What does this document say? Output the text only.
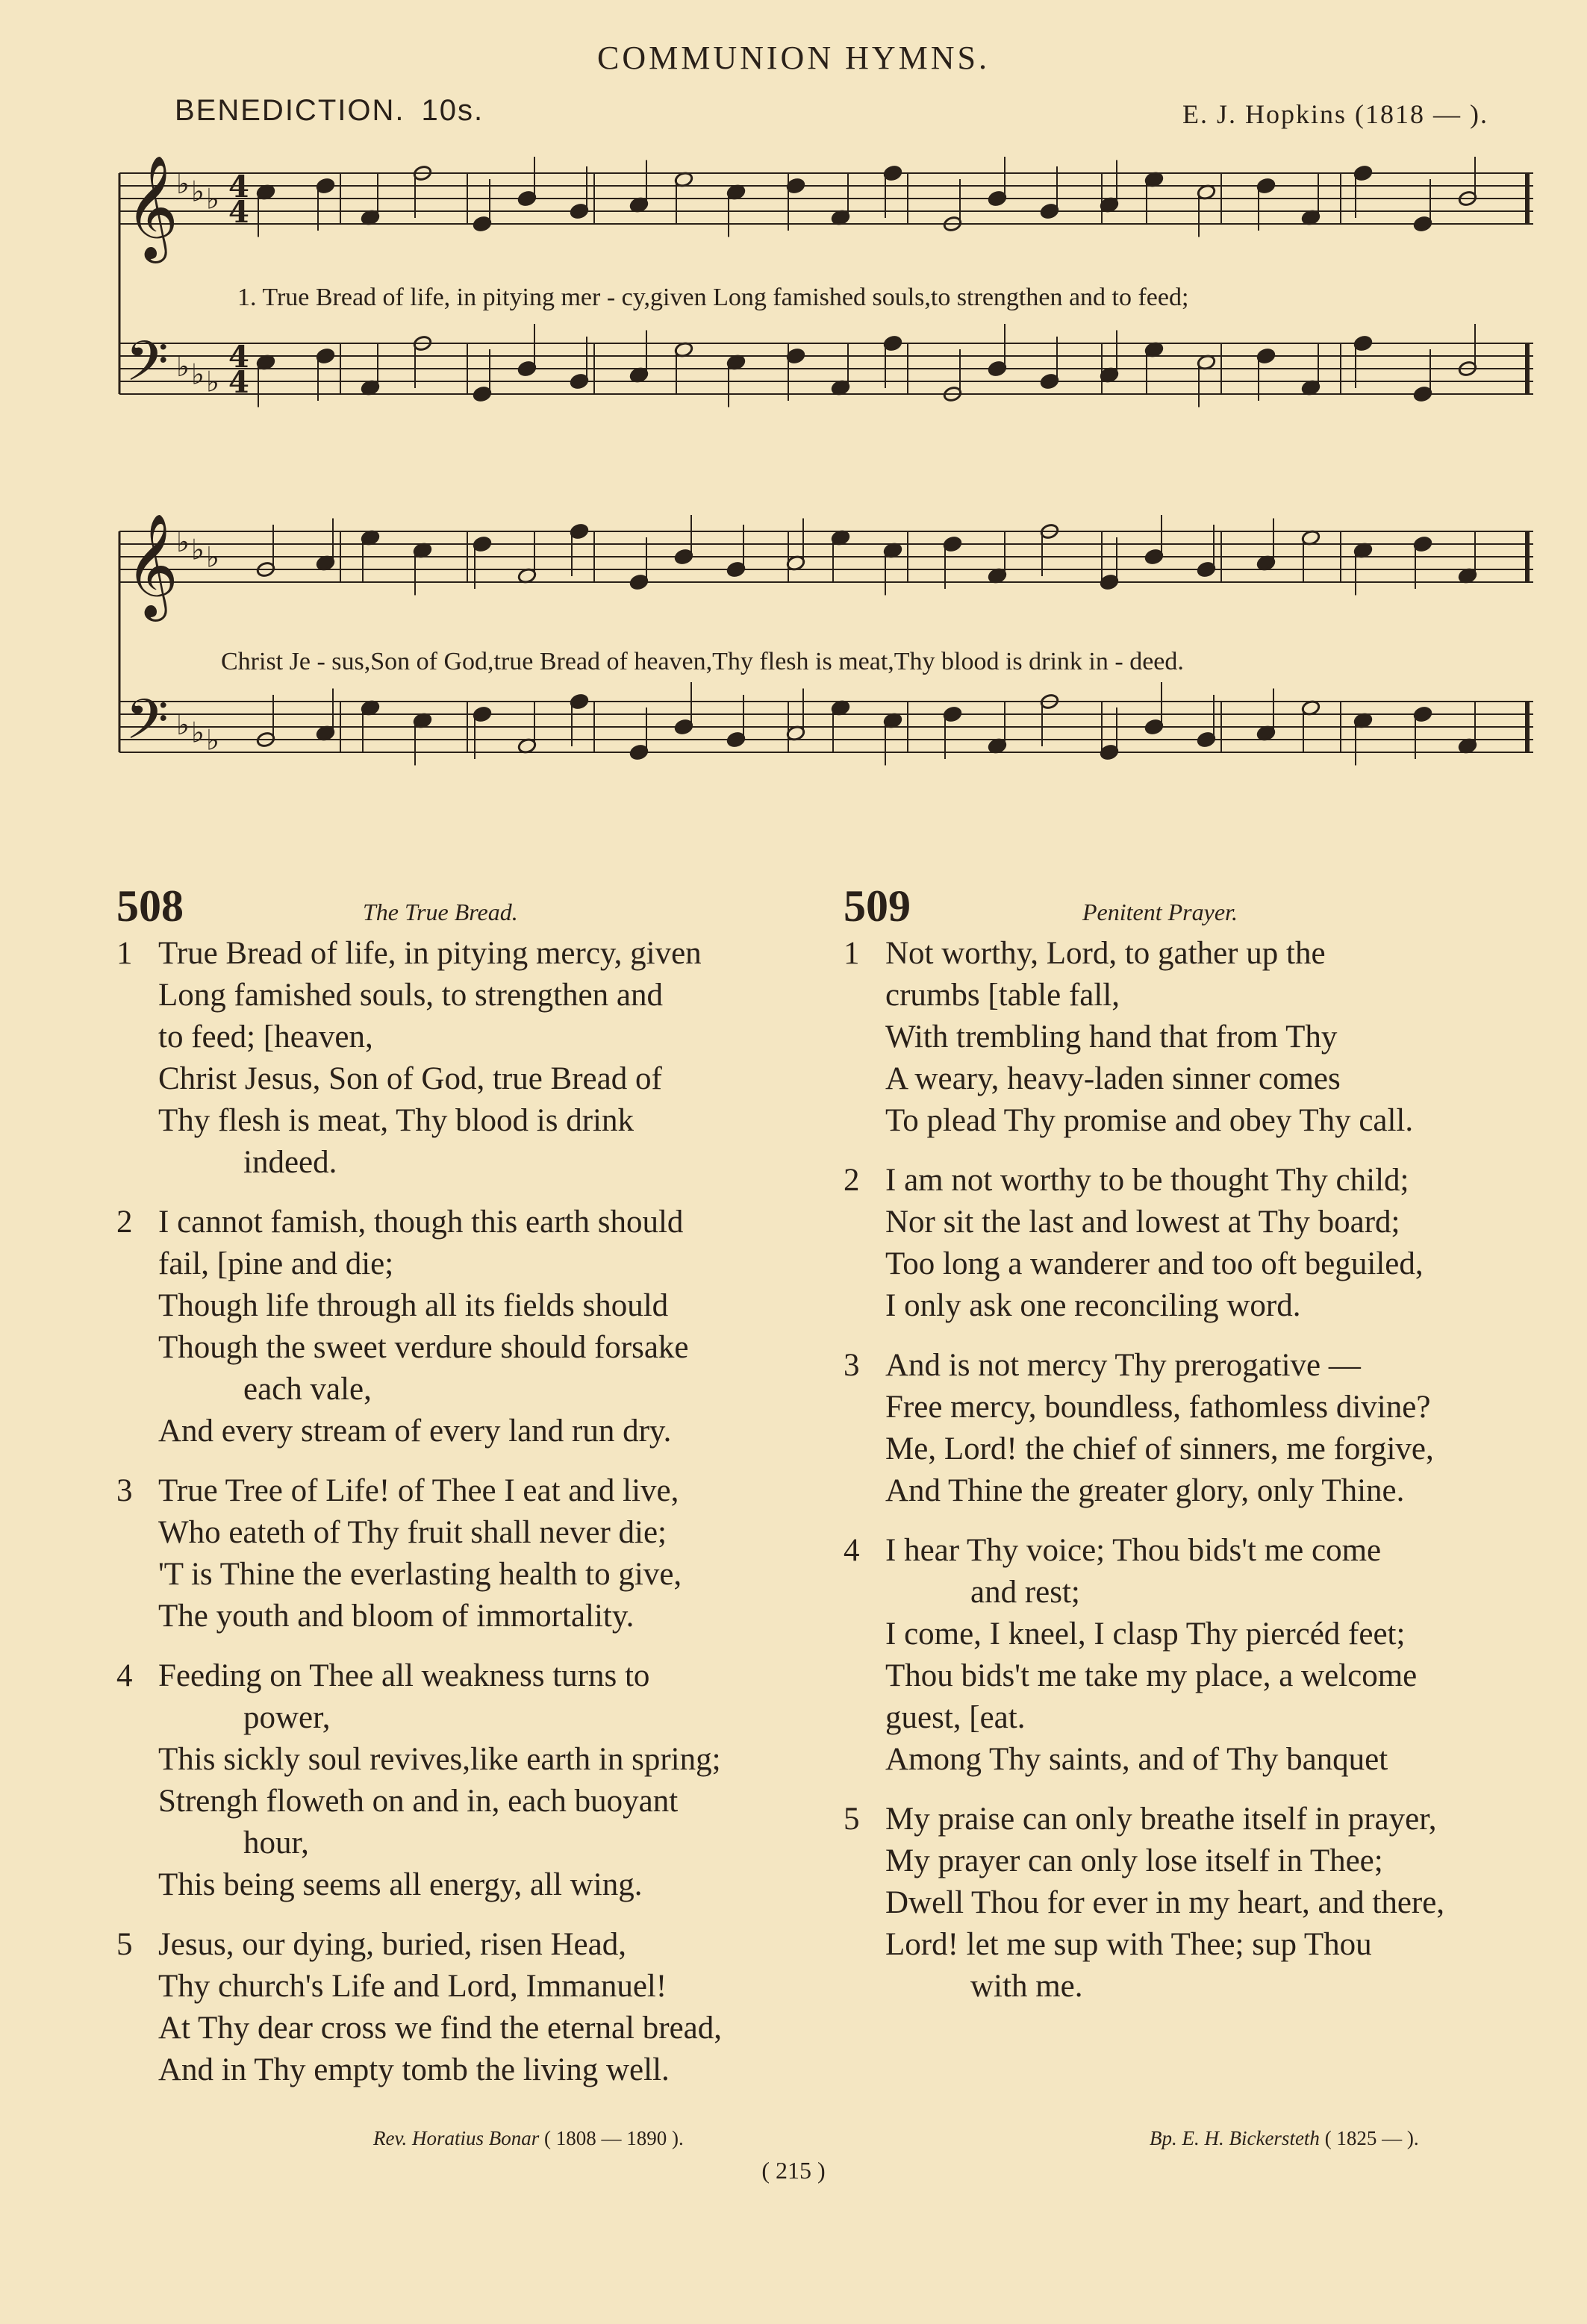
COMMUNION HYMNS.
BENEDICTION. 10s.	E. J. Hopkins (1818 — ).
𝄞
♭ ♭ ♭
𝄢 ♭ ♭ ♭
4
4
4
4
1. True Bread of life, in pitying mer - cy,given Long famished souls,to strengthen and to feed;
𝄞
♭ ♭ ♭
𝄢 ♭ ♭ ♭
Christ Je - sus,Son of God,true Bread of heaven,Thy flesh is meat,Thy blood is drink in - deed.
508	The True Bread.
1 True Bread of life, in pitying mercy, given
Long famished souls, to strengthen and
to feed; [heaven,
Christ Jesus, Son of God, true Bread of
Thy flesh is meat, Thy blood is drink
indeed.
2 I cannot famish, though this earth should
fail, [pine and die;
Though life through all its fields should
Though the sweet verdure should forsake
each vale,
And every stream of every land run dry.
3 True Tree of Life! of Thee I eat and live,
Who eateth of Thy fruit shall never die;
'T is Thine the everlasting health to give,
The youth and bloom of immortality.
4 Feeding on Thee all weakness turns to
power,
This sickly soul revives,like earth in spring;
Strengh floweth on and in, each buoyant
hour,
This being seems all energy, all wing.
5 Jesus, our dying, buried, risen Head,
Thy church's Life and Lord, Immanuel!
At Thy dear cross we find the eternal bread,
And in Thy empty tomb the living well.
Rev. Horatius Bonar ( 1808 — 1890 ).
509	Penitent Prayer.
1 Not worthy, Lord, to gather up the
crumbs [table fall,
With trembling hand that from Thy
A weary, heavy-laden sinner comes
To plead Thy promise and obey Thy call.
2 I am not worthy to be thought Thy child;
Nor sit the last and lowest at Thy board;
Too long a wanderer and too oft beguiled,
I only ask one reconciling word.
3 And is not mercy Thy prerogative —
Free mercy, boundless, fathomless divine?
Me, Lord! the chief of sinners, me forgive,
And Thine the greater glory, only Thine.
4 I hear Thy voice; Thou bids't me come
and rest;
I come, I kneel, I clasp Thy piercéd feet;
Thou bids't me take my place, a welcome
guest, [eat.
Among Thy saints, and of Thy banquet
5 My praise can only breathe itself in prayer,
My prayer can only lose itself in Thee;
Dwell Thou for ever in my heart, and there,
Lord! let me sup with Thee; sup Thou
with me.
Bp. E. H. Bickersteth ( 1825 — ).
( 215 )
